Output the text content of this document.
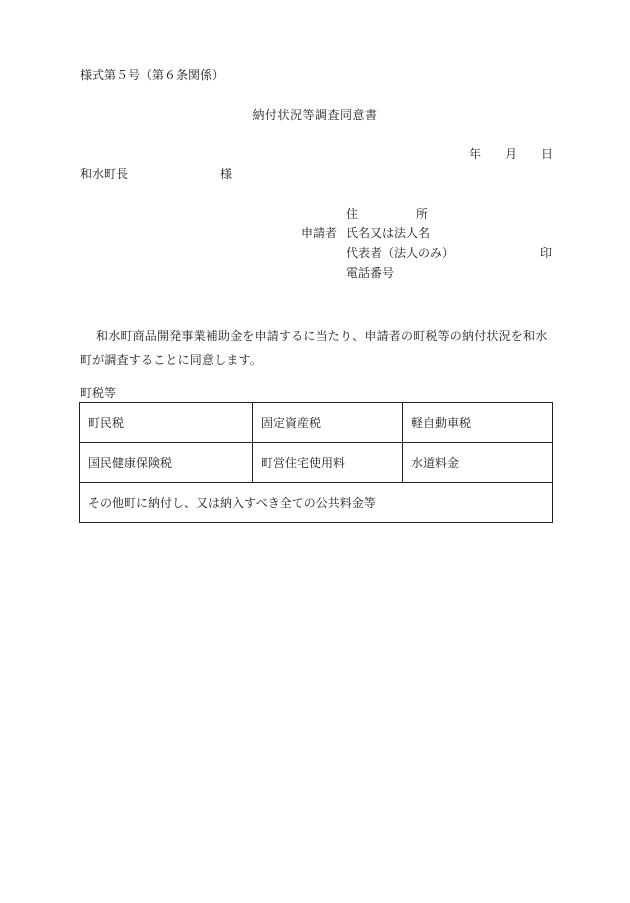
様式第５号（第６条関係）
納付状況等調査同意書
年 月 日
和水町長	様
住	所
申請者 氏名又は法人名
代表者（法人のみ）	印
電話番号
和水町商品開発事業補助金を申請するに当たり、申請者の町税等の納付状況を和水町が調査することに同意します。
町税等
町民税	固定資産税	軽自動車税
国民健康保険税	町営住宅使用料	水道料金
その他町に納付し、又は納入すべき全ての公共料金等		
